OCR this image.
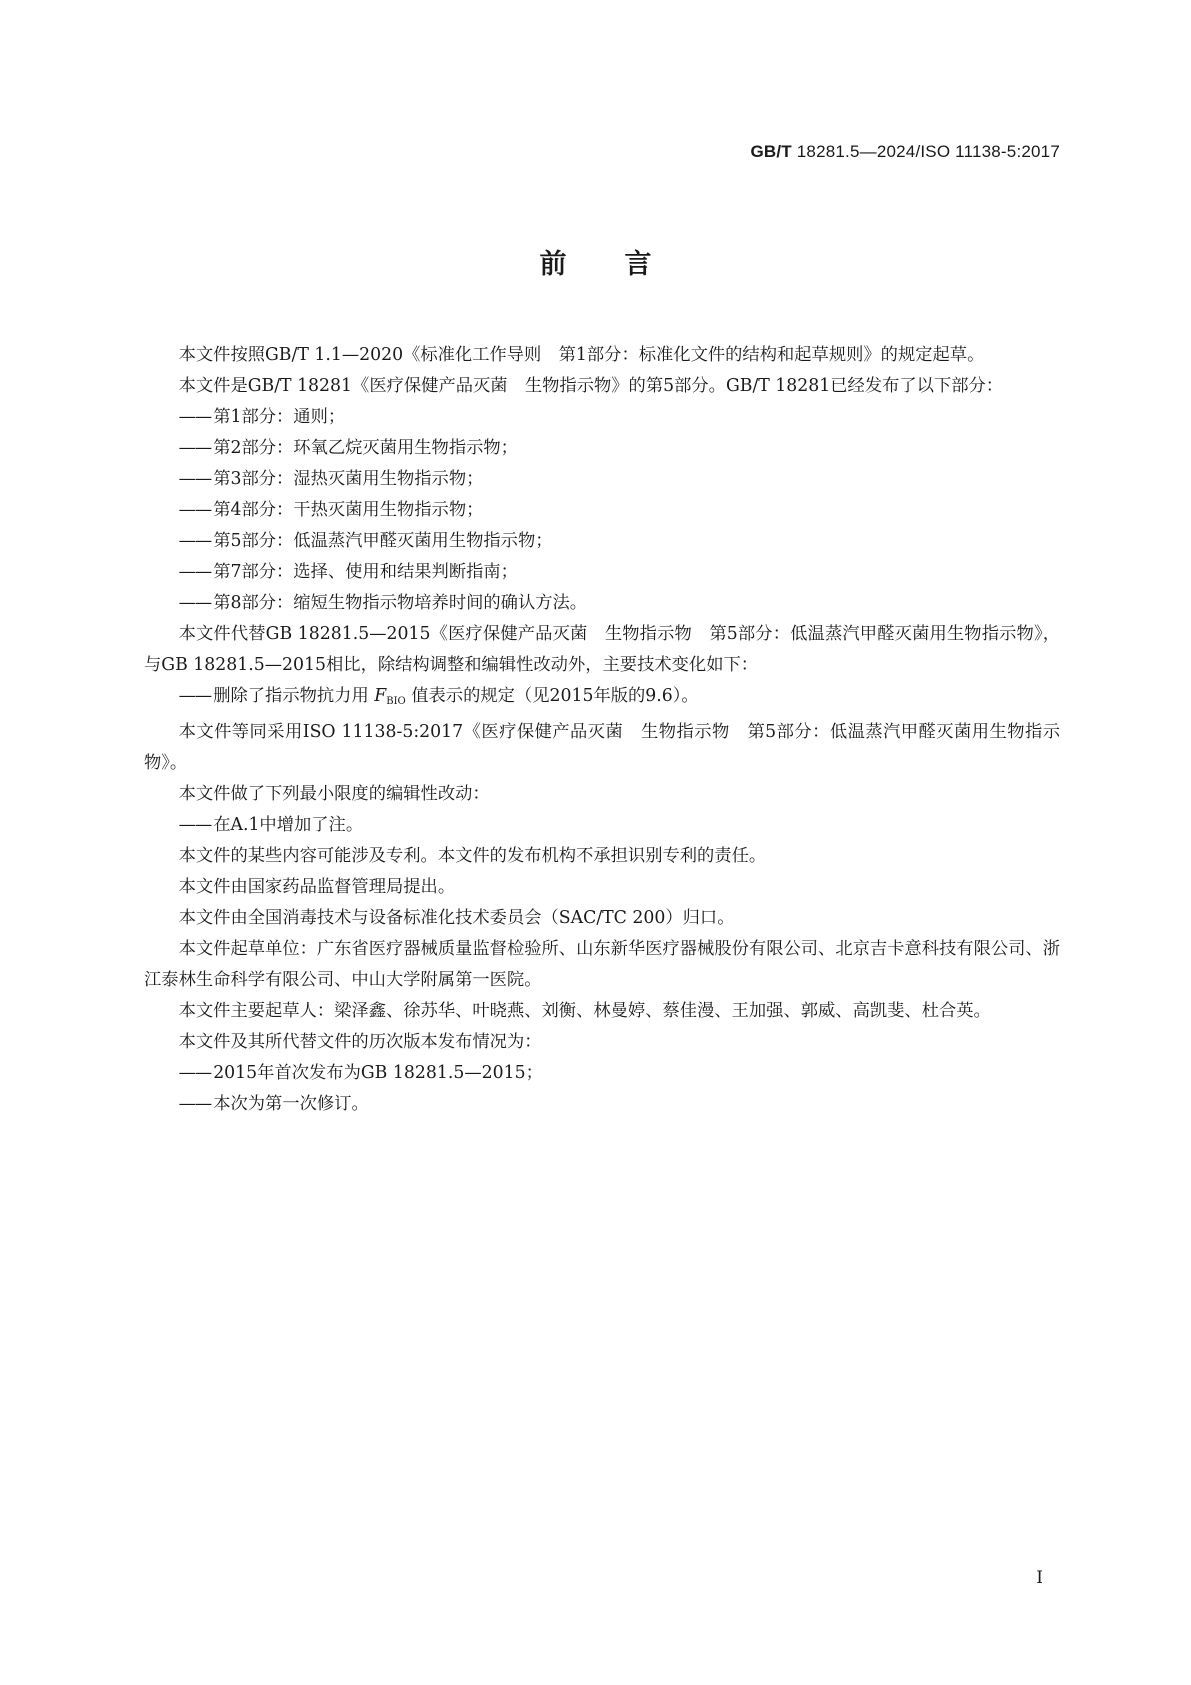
GB/T 18281.5—2024/ISO 11138-5:2017
前言

本文件按照GB/T 1.1—2020《标准化工作导则　第1部分：标准化文件的结构和起草规则》的规定起草。

本文件是GB/T 18281《医疗保健产品灭菌　生物指示物》的第5部分。GB/T 18281已经发布了以下部分：

—— 第1部分：通则；

—— 第2部分：环氧乙烷灭菌用生物指示物；

—— 第3部分：湿热灭菌用生物指示物；

—— 第4部分：干热灭菌用生物指示物；

—— 第5部分：低温蒸汽甲醛灭菌用生物指示物；

—— 第7部分：选择、使用和结果判断指南；

—— 第8部分：缩短生物指示物培养时间的确认方法。

本文件代替GB 18281.5—2015《医疗保健产品灭菌　生物指示物　第5部分：低温蒸汽甲醛灭菌用生物指示物》，与GB 18281.5—2015相比，除结构调整和编辑性改动外，主要技术变化如下：

—— 删除了指示物抗力用 $F_{BIO}$ 值表示的规定（见2015年版的9.6）。

本文件等同采用ISO 11138-5:2017《医疗保健产品灭菌　生物指示物　第5部分：低温蒸汽甲醛灭菌用生物指示物》。

本文件做了下列最小限度的编辑性改动：

—— 在A.1中增加了注。

本文件的某些内容可能涉及专利。本文件的发布机构不承担识别专利的责任。

本文件由国家药品监督管理局提出。

本文件由全国消毒技术与设备标准化技术委员会（SAC/TC 200）归口。

本文件起草单位：广东省医疗器械质量监督检验所、山东新华医疗器械股份有限公司、北京吉卡意科技有限公司、浙江泰林生命科学有限公司、中山大学附属第一医院。

本文件主要起草人：梁泽鑫、徐苏华、叶晓燕、刘衡、林曼婷、蔡佳漫、王加强、郭威、高凯斐、杜合英。

本文件及其所代替文件的历次版本发布情况为：

—— 2015年首次发布为GB 18281.5—2015；

—— 本次为第一次修订。

I
